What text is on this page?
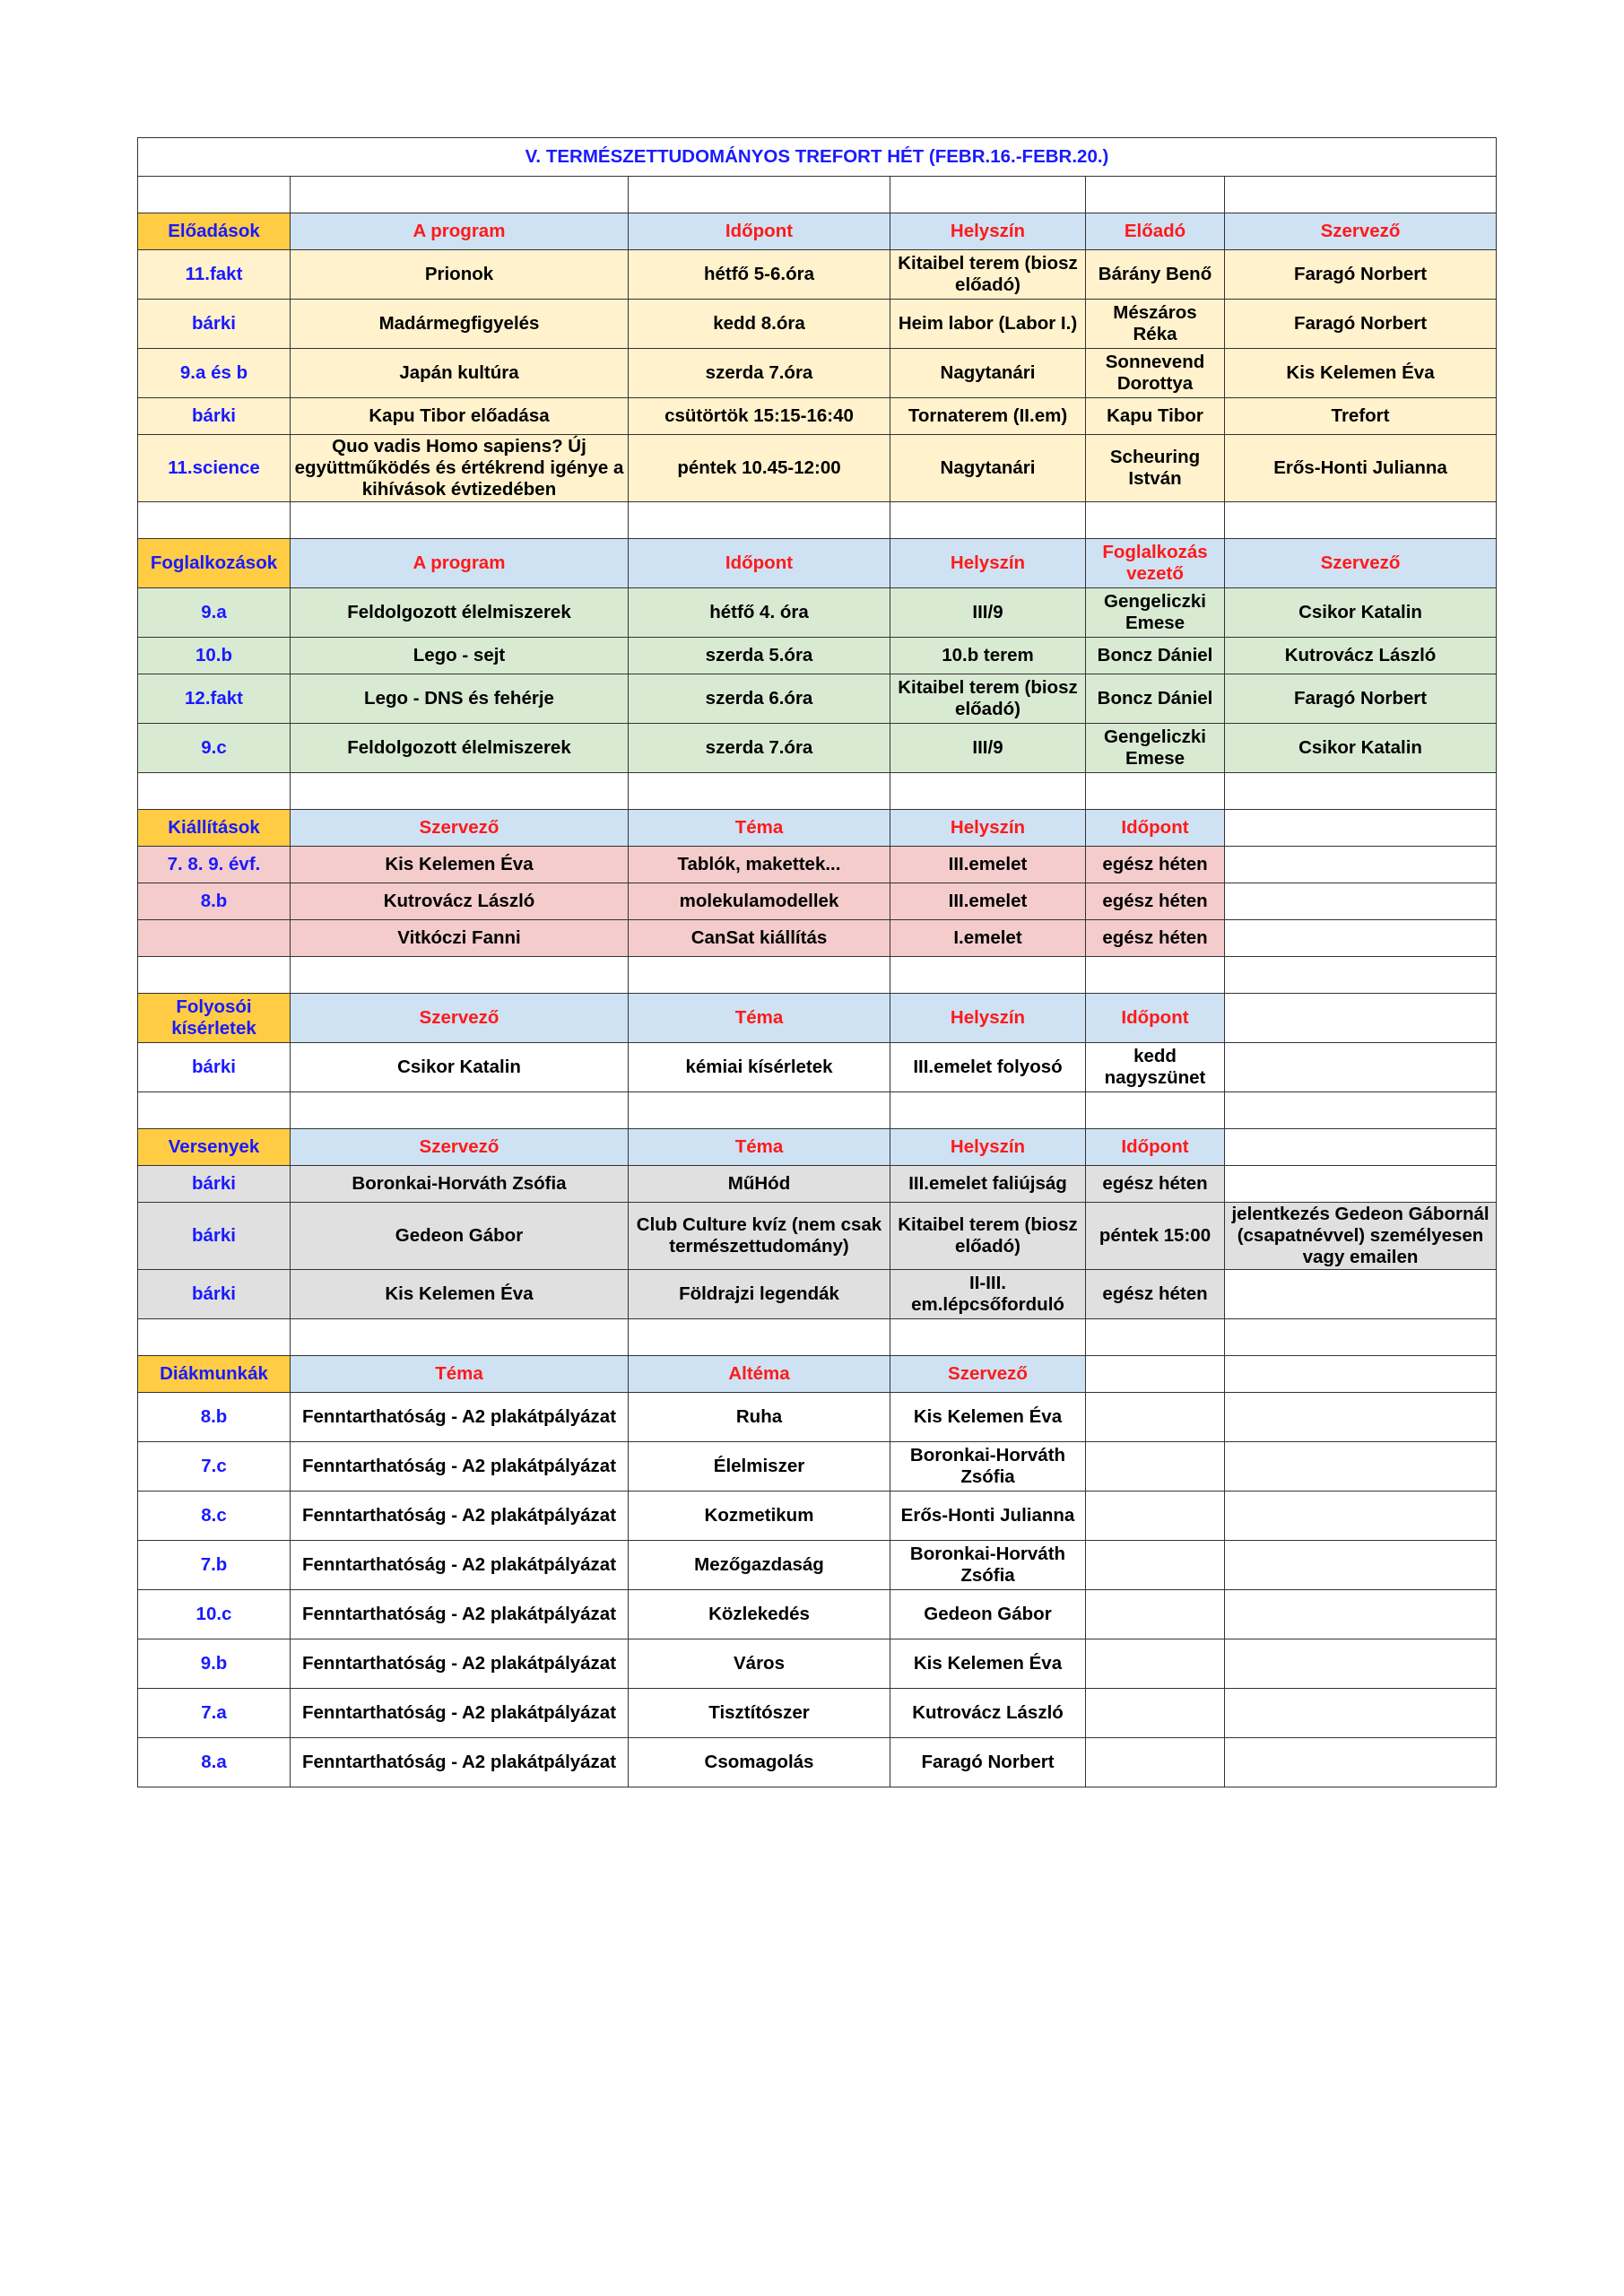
V. TERMÉSZETTUDOMÁNYOS TREFORT HÉT (FEBR.16.-FEBR.20.)					

Előadások	A program	Időpont	Helyszín	Előadó	Szervező
11.fakt	Prionok	hétfő 5-6.óra	Kitaibel terem (biosz előadó)	Bárány Benő	Faragó Norbert
bárki	Madármegfigyelés	kedd 8.óra	Heim labor (Labor I.)	Mészáros Réka	Faragó Norbert
9.a és b	Japán kultúra	szerda 7.óra	Nagytanári	Sonnevend Dorottya	Kis Kelemen Éva
bárki	Kapu Tibor előadása	csütörtök 15:15-16:40	Tornaterem (II.em)	Kapu Tibor	Trefort
11.science	Quo vadis Homo sapiens? Új együttműködés és értékrend igénye a kihívások évtizedében	péntek 10.45-12:00	Nagytanári	Scheuring István	Erős-Honti Julianna

Foglalkozások	A program	Időpont	Helyszín	Foglalkozás vezető	Szervező
9.a	Feldolgozott élelmiszerek	hétfő 4. óra	III/9	Gengeliczki Emese	Csikor Katalin
10.b	Lego - sejt	szerda 5.óra	10.b terem	Boncz Dániel	Kutrovácz László
12.fakt	Lego - DNS és fehérje	szerda 6.óra	Kitaibel terem (biosz előadó)	Boncz Dániel	Faragó Norbert
9.c	Feldolgozott élelmiszerek	szerda 7.óra	III/9	Gengeliczki Emese	Csikor Katalin

Kiállítások	Szervező	Téma	Helyszín	Időpont	
7. 8. 9. évf.	Kis Kelemen Éva	Tablók, makettek...	III.emelet	egész héten	
8.b	Kutrovácz László	molekulamodellek	III.emelet	egész héten	
	Vitkóczi Fanni	CanSat kiállítás	I.emelet	egész héten	

Folyosói kísérletek	Szervező	Téma	Helyszín	Időpont	
bárki	Csikor Katalin	kémiai kísérletek	III.emelet folyosó	kedd nagyszünet	

Versenyek	Szervező	Téma	Helyszín	Időpont	
bárki	Boronkai-Horváth Zsófia	MűHód	III.emelet faliújság	egész héten	
bárki	Gedeon Gábor	Club Culture kvíz (nem csak természettudomány)	Kitaibel terem (biosz előadó)	péntek 15:00	jelentkezés Gedeon Gábornál (csapatnévvel) személyesen vagy emailen
bárki	Kis Kelemen Éva	Földrajzi legendák	II-III. em.lépcsőforduló	egész héten	

Diákmunkák	Téma	Altéma	Szervező		
8.b	Fenntarthatóság - A2 plakátpályázat	Ruha	Kis Kelemen Éva		
7.c	Fenntarthatóság - A2 plakátpályázat	Élelmiszer	Boronkai-Horváth Zsófia		
8.c	Fenntarthatóság - A2 plakátpályázat	Kozmetikum	Erős-Honti Julianna		
7.b	Fenntarthatóság - A2 plakátpályázat	Mezőgazdaság	Boronkai-Horváth Zsófia		
10.c	Fenntarthatóság - A2 plakátpályázat	Közlekedés	Gedeon Gábor		
9.b	Fenntarthatóság - A2 plakátpályázat	Város	Kis Kelemen Éva		
7.a	Fenntarthatóság - A2 plakátpályázat	Tisztítószer	Kutrovácz László		
8.a	Fenntarthatóság - A2 plakátpályázat	Csomagolás	Faragó Norbert		
